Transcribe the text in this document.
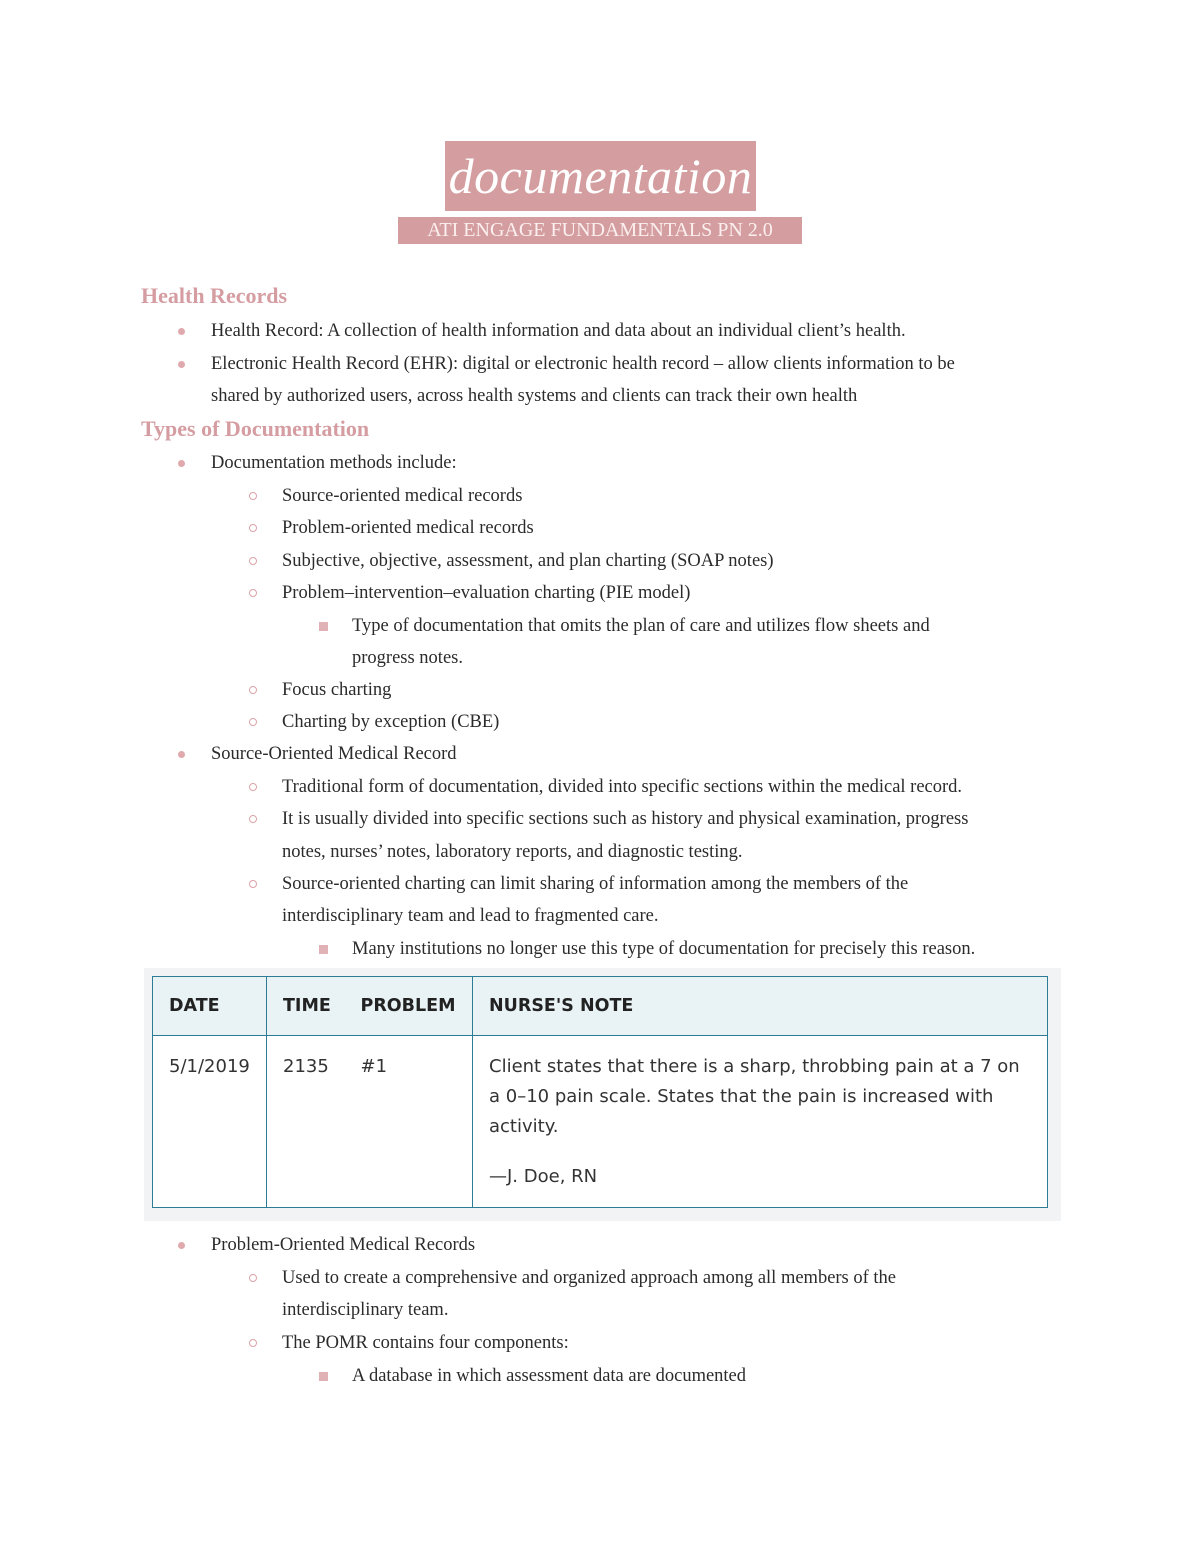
documentation
ATI ENGAGE FUNDAMENTALS PN 2.0
Health Records
Health Record: A collection of health information and data about an individual client’s health.
Electronic Health Record (EHR): digital or electronic health record – allow clients information to be
shared by authorized users, across health systems and clients can track their own health
Types of Documentation
Documentation methods include:
Source-oriented medical records
Problem-oriented medical records
Subjective, objective, assessment, and plan charting (SOAP notes)
Problem–intervention–evaluation charting (PIE model)
Type of documentation that omits the plan of care and utilizes flow sheets and
progress notes.
Focus charting
Charting by exception (CBE)
Source-Oriented Medical Record
Traditional form of documentation, divided into specific sections within the medical record.
It is usually divided into specific sections such as history and physical examination, progress
notes, nurses’ notes, laboratory reports, and diagnostic testing.
Source-oriented charting can limit sharing of information among the members of the
interdisciplinary team and lead to fragmented care.
Many institutions no longer use this type of documentation for precisely this reason.
DATE	TIME	PROBLEM	NURSE'S NOTE
5/1/2019	2135	#1	Client states that there is a sharp, throbbing pain at a 7 on a 0–10 pain scale. States that the pain is increased with activity.
—J. Doe, RN
Problem-Oriented Medical Records
Used to create a comprehensive and organized approach among all members of the
interdisciplinary team.
The POMR contains four components:
A database in which assessment data are documented
